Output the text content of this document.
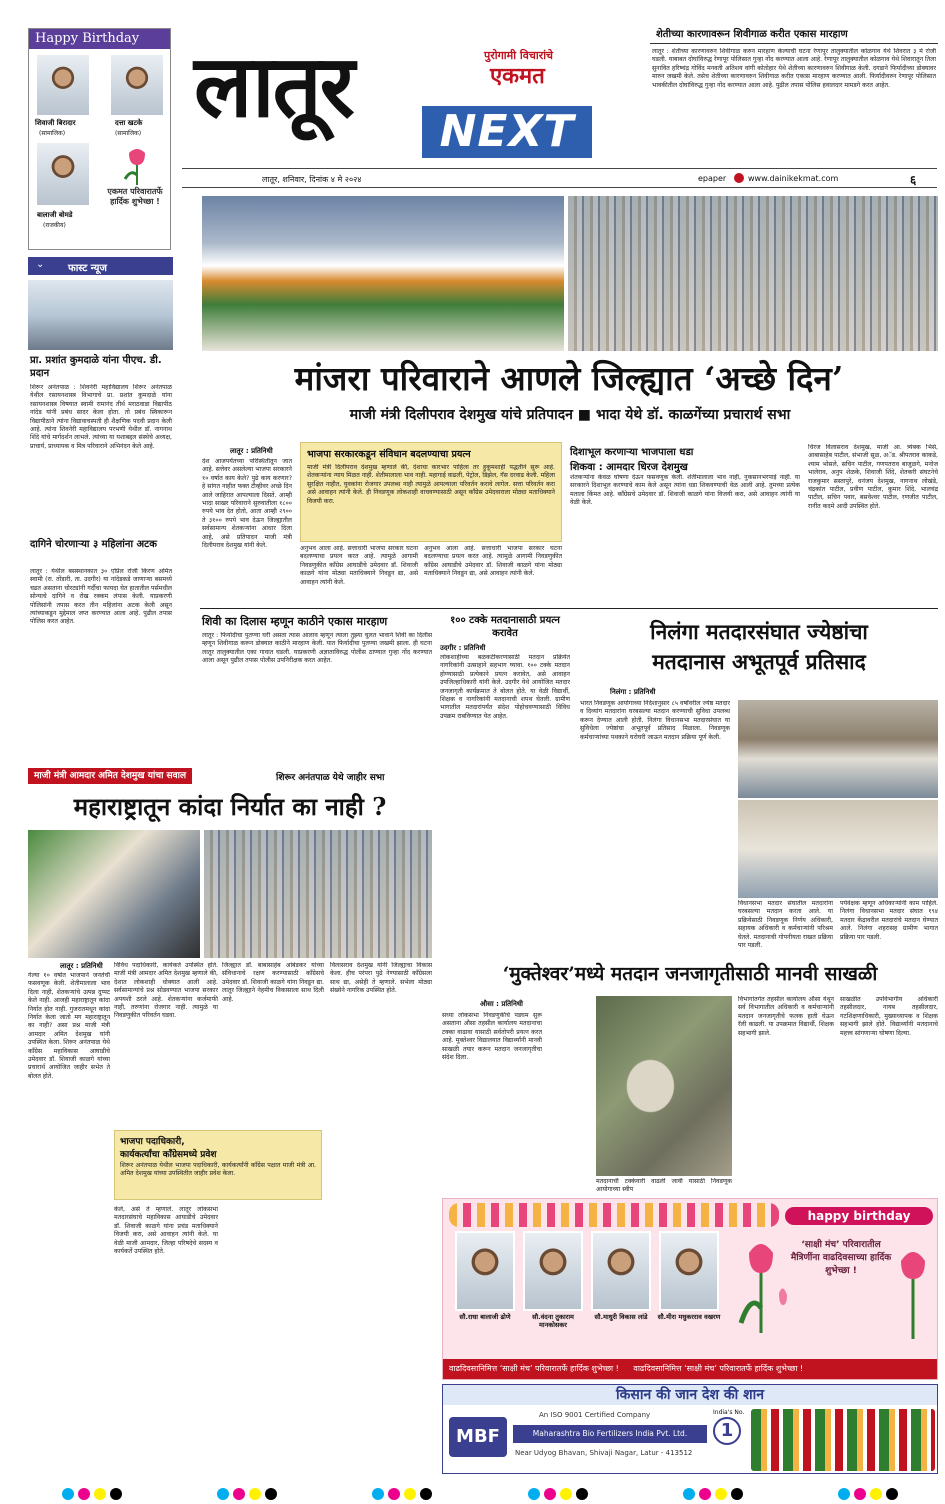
Happy Birthday
शिवाजी बिरादार
(सामाजिक)
दत्ता खटके
(सामाजिक)
बालाजी बोमडे
(राजकीय)
एकमत परिवारातर्फे हार्दिक शुभेच्छा !
लातूर	पुरोगामी विचारांचे
एकमत
NEXT
लातूर, शनिवार, दिनांक ४ मे २०२४	epaper	www.dainikekmat.com	६
शेतीच्या कारणावरून शिवीगाळ करीत एकास मारहाण
लातूर : शेतीच्या कारणावरुन शिवीगाळ करुन मारहाण केल्याची घटना रेणापूर तालुक्यातील कोळगाव येथे शिवरात ३ मे रोजी घडली. याबाबत दोघांविरुद्ध रेणापूर पोलिसात गुन्हा नोंद करण्यात आला आहे. रेणापूर तालुक्यातील कोळगाव येथे शिवारातून तिला सुनावित हरिष्चंद्र गोविंद मनवती अतिशय वांगी कोतोहार येथे शेतीच्या कारणावरुन शिवीगाळ केली. दगडाने फिर्यादीच्या डोक्यावर मारुन जखमी केले. तसेच शेतीच्या कारणावरुन शिवीगाळ करीत एकास मारहाण करण्यात आली. फिर्यादीवरुन रेणापूर पोलिसात भावकीतील दोघांविरुद्ध गुन्हा नोंद करण्यात आला आहे. पुढील तपास पोलिस हवालदार मामडगे करत आहेत.
⌄ फास्ट न्यूज
प्रा. प्रशांत कुमदाळे यांना पीएच. डी. प्रदान
शिरूर अनंतपाळ : शिवनेरी महाविद्यालय शिरूर अनंतपाळ येथील रसायनशास्त्र विभागाचे प्रा. प्रशांत कुमदाळे यांना रसायनशास्त्र विषयात स्वामी रामानंद तीर्थ मराठवाडा विद्यापीठ नांदेड यांनी प्रबंध सादर केला होता. तो प्रबंध स्विकारून विद्यापीठाने त्यांना विद्यावाचस्पती ही शैक्षणिक पदवी प्रदान केली आहे. त्यांना शिवनेरी महाविद्यालय परभणी येथील डॉ. नागनाथ शिंदे यांचे मार्गदर्शन लाभले. त्यांच्या या यशाबद्दल संस्थेचे अध्यक्ष, प्राचार्य, प्राध्यापक व मित्र परिवाराने अभिनंदन केले आहे.
दागिने चोरणाऱ्या ३ महिलांना अटक
लातूर : येथील बसस्थानकात ३० एप्रिल रोजी किरण अमित स्वामी (रा. तोंडारी, ता. उदगीर) या नांदेडकडे जाणाऱ्या बसमध्ये चढत असताना चोरट्यांनी गर्दीचा फायदा घेत हातातील पर्समधील सोन्याचे दागिने व रोख रक्कम लंपास केली. याप्रकरणी पोलिसांनी तपास करत तीन महिलांना अटक केली असून त्यांच्याकडून मुद्देमाल जप्त करण्यात आला आहे. पुढील तपास पोलिस करत आहेत.
मांजरा परिवाराने आणले जिल्ह्यात ‘अच्छे दिन’
माजी मंत्री दिलीपराव देशमुख यांचे प्रतिपादन ■ भादा येथे डॉ. काळगेंच्या प्रचारार्थ सभा
लातूर : प्रतिनिधी
देश आजपर्यंतच्या परिस्थितीतून जात आहे. सत्तेवर असलेल्या भाजपा सरकारने १० वर्षात काय केले? पुढे काय करणार? हे सांगत नाहीत फक्त टीव्हीवर अच्छे दिन आले जाहिरात आपल्याला दिसते. आम्ही भादा साखर परिवाराने सुरुवातीला १८०० रुपये भाव देत होतो, आता आम्ही २९०० ते ३१०० रुपये भाव देऊन जिल्ह्यातील सर्वसामान्य शेतकऱ्यांना आधार दिला आहे, असे प्रतिपादन माजी मंत्री दिलीपराव देशमुख यांनी केले.	अनुभव आला आहे. सत्ताधारी भाजपा सरकार घटना बदलण्याचा प्रयत्न करत आहे. त्यामुळे आगामी निवडणुकीत काँग्रेस आघाडीचे उमेदवार डॉ. शिवाजी काळगे यांना मोठ्या मताधिक्याने निवडून द्या, असे आवाहन त्यांनी केले.
भाजपा सरकारकडून संविधान बदलण्याचा प्रयत्न
माजी मंत्री दिलीपराव देशमुख म्हणाले की, देशाचा कारभार पाहिला तर हुकूमशाही पद्धतीने सुरू आहे. शेतकऱ्यांना न्याय मिळत नाही. शेतीमालाला भाव नाही. महागाई वाढली, पेट्रोल, डिझेल, गॅस दरवाढ केली. महिला सुरक्षित नाहीत, युवकांना रोजगार उपलब्ध नाही त्यामुळे आपल्याला परिवर्तन करावे लागेल. सत्ता परिवर्तन करा असे आवाहन त्यांनी केले. ही निवडणूक लोकशाही वाचवण्यासाठी असून काँग्रेस उमेदवाराला मोठ्या मताधिक्याने विजयी करा.
अनुभव आला आहे. सत्ताधारी भाजपा सरकार घटना बदलण्याचा प्रयत्न करत आहे. त्यामुळे आगामी निवडणुकीत काँग्रेस आघाडीचे उमेदवार डॉ. शिवाजी काळगे यांना मोठ्या मताधिक्याने निवडून द्या, असे आवाहन त्यांनी केले.
दिशाभूल करणाऱ्या भाजपाला धडा
शिकवा : आमदार धिरज देशमुख
शेतकऱ्यांना केवळ घोषणा देऊन फसवणूक केली. शेतीमालाला भाव नाही, नुकसानभरपाई नाही. या सरकारने दिशाभूल करण्याचे काम केले असून त्यांना धडा शिकवण्याची वेळ आली आहे. तुमच्या प्रत्येक मताला किंमत आहे. काँग्रेसचे उमेदवार डॉ. शिवाजी काळगे यांना विजयी करा, असे आवाहन त्यांनी या वेळी केले.
धिरज विलासराव देशमुख, माजी आ. त्र्यंबक भिसे, आबासाहेब पाटील, संभाजी सूळ, अॅड. श्रीपतराव काकडे, श्याम भोसले, सचिन पाटील, गणपतराव बाजुळगे, मनोज भालेराव, अनुप शेळके, शिवाजी शिंदे, शेतकरी संघटनेचे राजकुमार सस्तापुरे, धनंजय देशमुख, नागनाथ लोखंडे, चंद्रकांत पाटील, प्रवीण पाटील, कुमार शिंदे, भालचंद्र पाटील, सचिन पवार, बसवेश्वर पाटील, रणजीत पाटील, रानींत कदमे आदी उपस्थित होते.
शिवी का दिलास म्हणून काठीने एकास मारहाण
लातूर : फिर्यादीचा पुतण्या घरी असता त्यास आलाव म्हणून त्याला तुझ्या चुलत भावाने शिवी का दिलीस म्हणून शिवीगाळ करून डोक्यात काठीने मारहाण केली. यात फिर्यादीचा पुतण्या जखमी झाला. ही घटना लातूर तालुक्यातील एका गावात घडली. याप्रकरणी अज्ञाताविरुद्ध पोलीस ठाण्यात गुन्हा नोंद करण्यात आला असून पुढील तपास पोलीस उपनिरीक्षक करत आहेत.
१०० टक्के मतदानासाठी प्रयत्न करावेत
उदगीर : प्रतिनिधी
लोकशाहीच्या बळकटीकरणासाठी मतदान प्रक्रियेत नागरिकांनी उत्साहाने सहभाग घ्यावा. १०० टक्के मतदान होण्यासाठी प्रत्येकाने प्रयत्न करावेत, असे आवाहन उपजिल्हाधिकारी यांनी केले. उदगीर येथे आयोजित मतदार जनजागृती कार्यक्रमात ते बोलत होते. या वेळी विद्यार्थी, शिक्षक व नागरिकांनी मतदानाची शपथ घेतली. ग्रामीण भागातील मतदारांपर्यंत संदेश पोहोचवण्यासाठी विविध उपक्रम राबविण्यात येत आहेत.
निलंगा मतदारसंघात ज्येष्ठांचा
मतदानास अभूतपूर्व प्रतिसाद
निलंगा : प्रतिनिधी
भारत निवडणूक आयोगाच्या निर्देशानुसार ८५ वर्षांवरील ज्येष्ठ मतदार व दिव्यांग मतदारांना घरबसल्या मतदान करण्याची सुविधा उपलब्ध करून देण्यात आली होती. निलंगा विधानसभा मतदारसंघात या सुविधेला ज्येष्ठांचा अभूतपूर्व प्रतिसाद मिळाला. निवडणूक कर्मचाऱ्यांच्या पथकाने घरोघरी जाऊन मतदान प्रक्रिया पूर्ण केली.
विधानसभा मतदार संघातील मतदारांना घरबसल्या मतदान करता आले. या प्रक्रियेसाठी निवडणूक निर्णय अधिकारी, सहायक अधिकारी व कर्मचाऱ्यांनी परिश्रम घेतले. मतदानाची गोपनीयता राखत प्रक्रिया पार पडली.
पर्यवेक्षक म्हणून अधिकाऱ्यांनी काम पाहिले. निलंगा विधानसभा मतदार संघात १९४ मतदार केंद्रावरील मतदारांचे मतदान घेण्यात आले. निलंगा शहरासह ग्रामीण भागात प्रक्रिया पार पडली.
माजी मंत्री आमदार अमित देशमुख यांचा सवाल	शिरूर अनंतपाळ येथे जाहीर सभा
महाराष्ट्रातून कांदा निर्यात का नाही ?
लातूर : प्रतिनिधी
गेल्या १० वर्षात भाजपाने जनतेची फसवणूक केली. शेतीमालाला भाव दिला नाही, शेतकऱ्यांचे उत्पन्न दुप्पट केले नाही. आजही महाराष्ट्रातून कांदा निर्यात होत नाही. गुजरातमधून कांदा निर्यात केला जातो मग महाराष्ट्रातून का नाही? असा प्रश्न माजी मंत्री आमदार अमित देशमुख यांनी उपस्थित केला. शिरूर अनंतपाळ येथे काँग्रेस महाविकास आघाडीचे उमेदवार डॉ. शिवाजी काळगे यांच्या प्रचारार्थ आयोजित जाहीर सभेत ते बोलत होते.
विविध पदाधिकारी, कार्यकर्ते उपस्थित होते. माजी मंत्री आमदार अमित देशमुख म्हणाले की, देशात लोकशाही धोक्यात आली आहे. सर्वसामान्यांचे प्रश्न सोडवण्यात भाजपा सरकार अपयशी ठरले आहे. शेतकऱ्यांना कर्जमाफी नाही, तरुणांना रोजगार नाही. त्यामुळे या निवडणुकीत परिवर्तन घडवा.
भाजपा पदाधिकारी,
कार्यकर्त्यांचा काँग्रेसमध्ये प्रवेश
शिरूर अनंतपाळ येथील भाजपा पदाधिकारी, कार्यकर्त्यांनी काँग्रेस पक्षात माजी मंत्री आ. अमित देशमुख यांच्या उपस्थितीत जाहीर प्रवेश केला.
केले, असे ते म्हणाले. लातूर लोकसभा मतदारसंघाचे महाविकास आघाडीचे उमेदवार डॉ. शिवाजी काळगे यांना प्रचंड मताधिक्याने विजयी करा, असे आवाहन त्यांनी केले. या वेळी माजी आमदार, जिल्हा परिषदेचे सदस्य व कार्यकर्ते उपस्थित होते.
जिल्ह्यात डॉ. बाबासाहेब आंबेडकर यांच्या संविधानाचे रक्षण करण्यासाठी काँग्रेसचे उमेदवार डॉ. शिवाजी काळगे यांना निवडून द्या. लातूर जिल्ह्याने नेहमीच विकासाला साथ दिली आहे.
विलासराव देशमुख यांनी जिल्ह्याचा विकास केला. हीच परंपरा पुढे नेण्यासाठी काँग्रेसला साथ द्या, असेही ते म्हणाले. सभेला मोठ्या संख्येने नागरिक उपस्थित होते.
‘मुक्तेश्वर’मध्ये मतदान जनजागृतीसाठी मानवी साखळी
औसा : प्रतिनिधी
सध्या लोकसभा निवडणुकीचे पडघम सुरू असताना औसा तहसील कार्यालय मतदानाचा टक्का वाढावा यासाठी सर्वतोपरी प्रयत्न करत आहे. मुक्तेश्वर विद्यालयात विद्यार्थ्यांनी मानवी साखळी तयार करून मतदान जनजागृतीचा संदेश दिला.
मतदानाची टक्केवारी वाढली जावी यासाठी निवडणूक आयोगाच्या स्वीप
विभागांतर्गत तहसील कार्यालय औसा येथून सर्व विभागातील अधिकारी व कर्मचाऱ्यांनी मतदान जनजागृतीचे फलक हाती घेऊन रॅली काढली. या उपक्रमात विद्यार्थी, शिक्षक सहभागी झाले.
साखळीत उपविभागीय अधिकारी तहसीलदार, नायब तहसीलदार, गटशिक्षणाधिकारी, मुख्याध्यापक व शिक्षक सहभागी झाले होते. विद्यार्थ्यांनी मतदानाचे महत्त्व सांगणाऱ्या घोषणा दिल्या.
happy birthday
सौ.राधा बालाजी ढोणे	सौ.वंदना तुकाराम मानकोसकर
सौ.माधुरी विकास लांडे	सौ.मीरा मधुकरराव वखरण
‘साक्षी मंच’ परिवारातील मैत्रिणींना वाढदिवसाच्या हार्दिक शुभेच्छा !
वाढदिवसानिमित्त ‘साक्षी मंच’ परिवारातर्फे हार्दिक शुभेच्छा ! वाढदिवसानिमित्त ‘साक्षी मंच’ परिवारातर्फे हार्दिक शुभेच्छा !
किसान की जान देश की शान
MBF
An ISO 9001 Certified Company
Maharashtra Bio Fertilizers India Pvt. Ltd.
Near Udyog Bhavan, Shivaji Nagar, Latur - 413512
India's No.
1
